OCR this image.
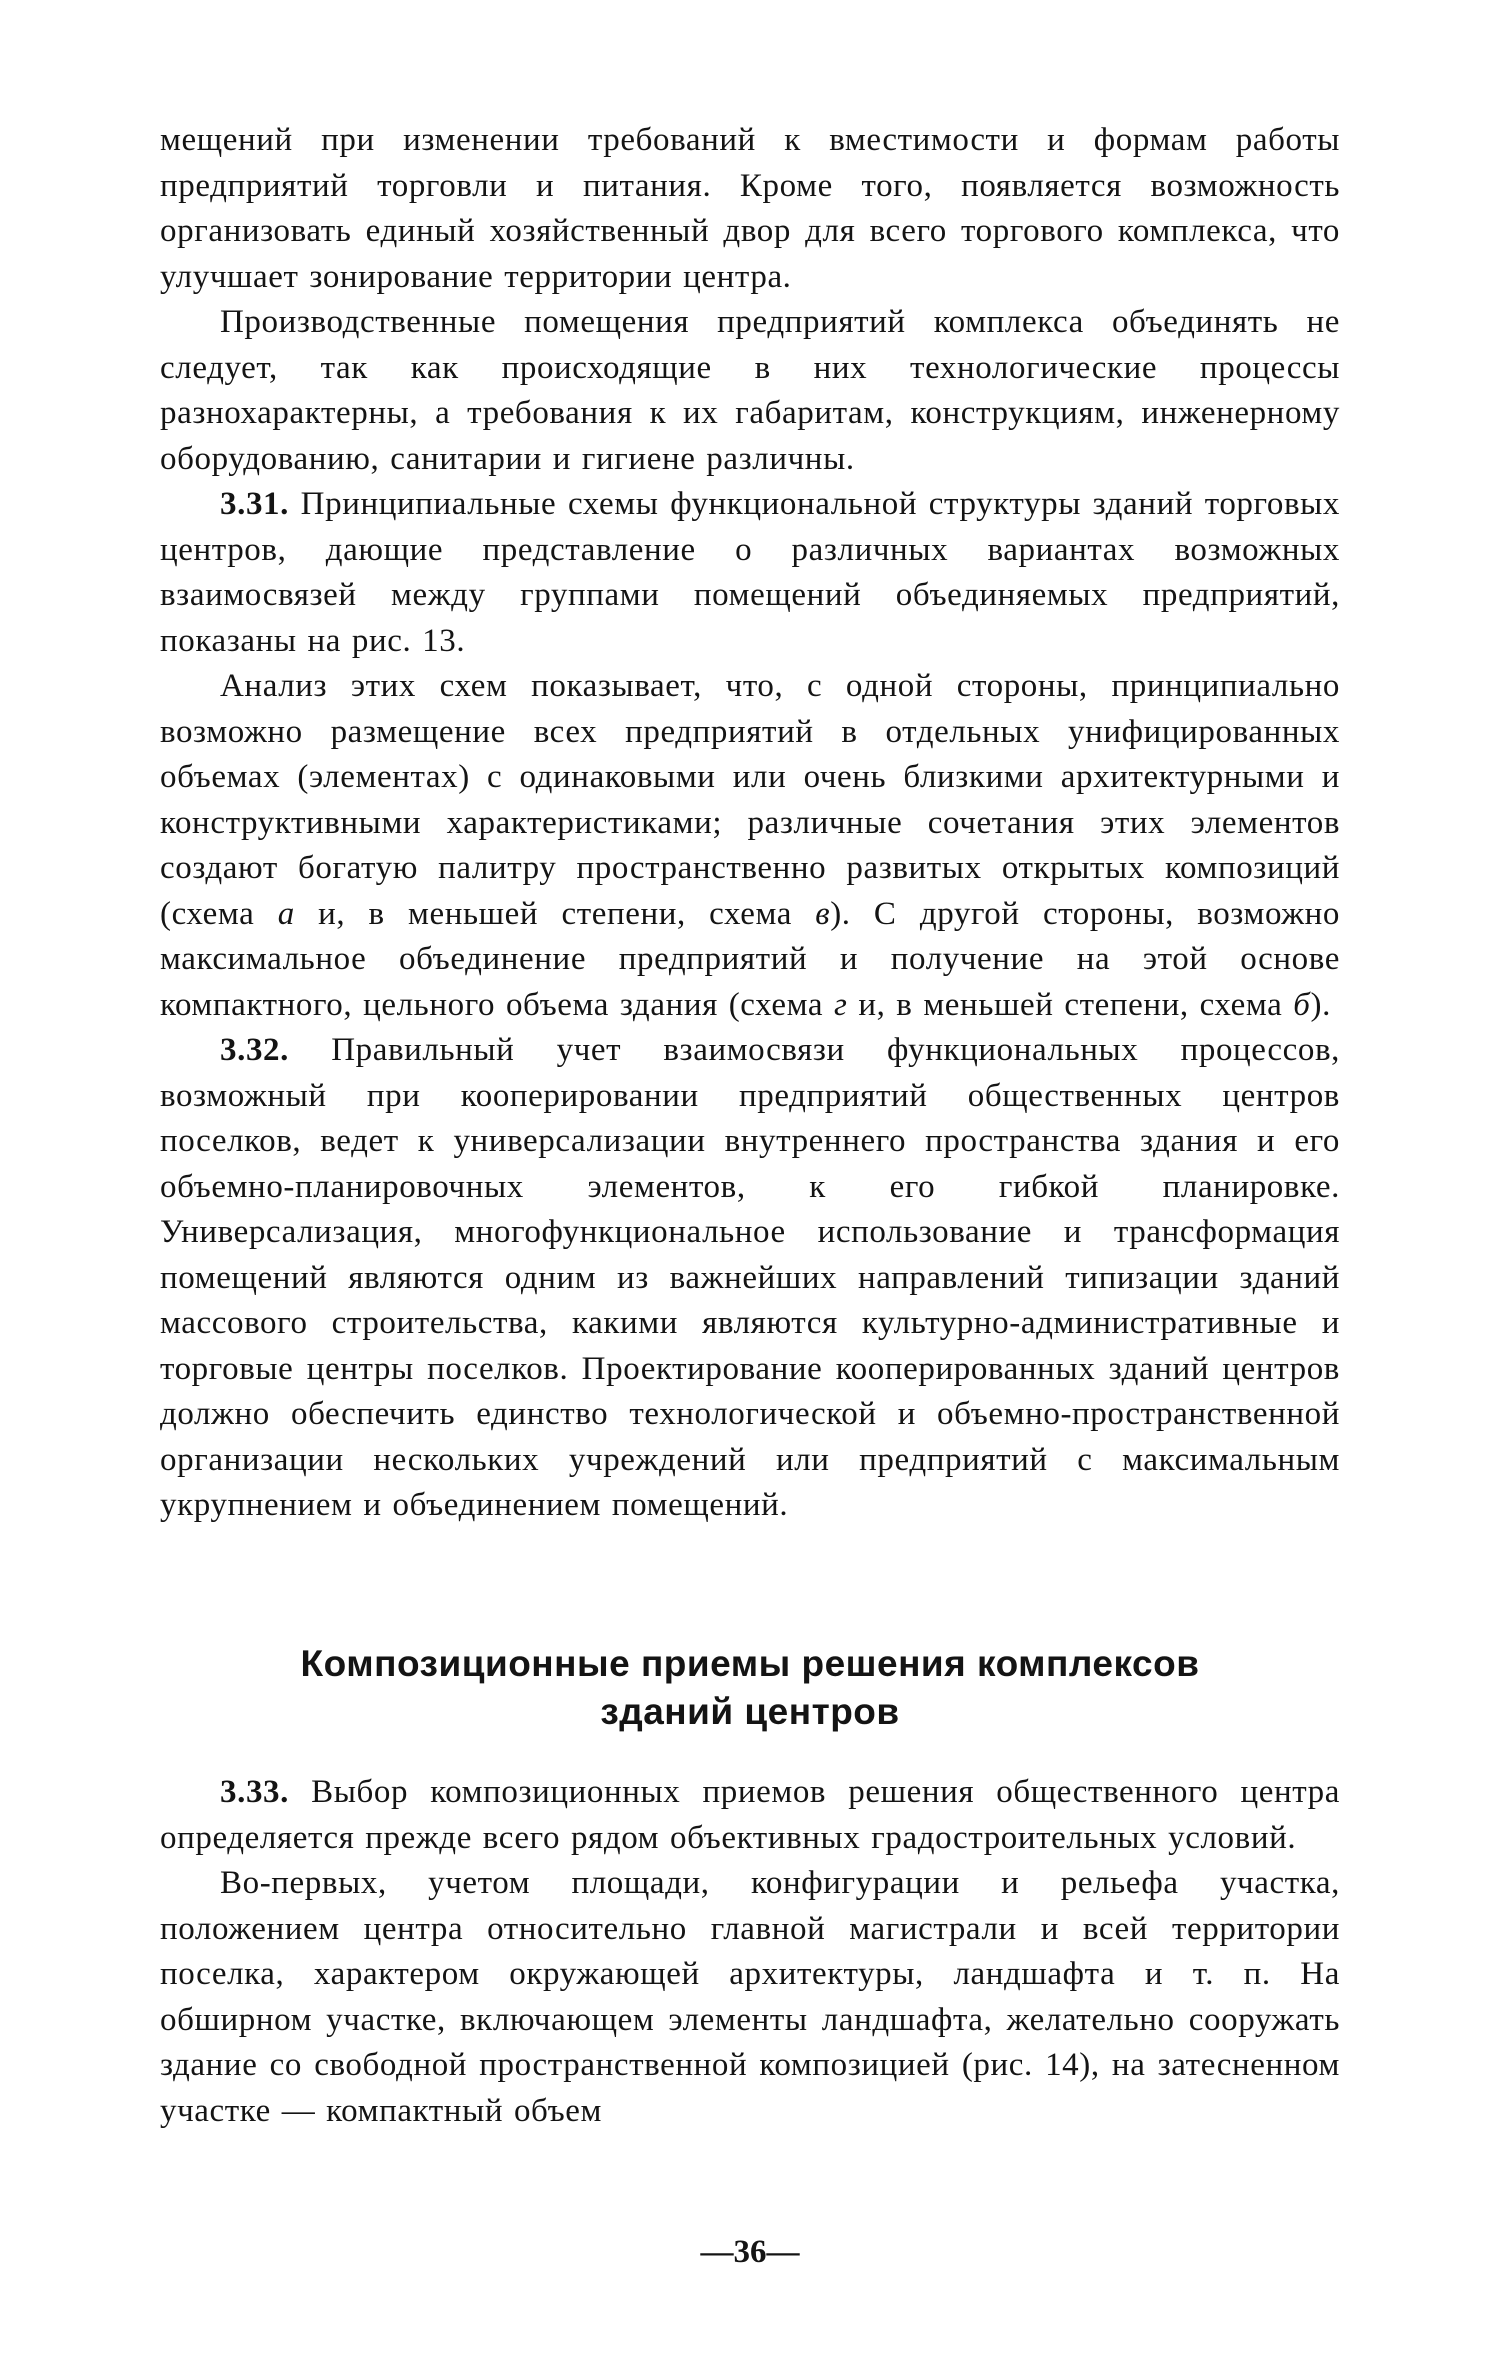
мещений при изменении требований к вместимости и формам работы предприятий торговли и питания. Кроме того, появляется возможность организовать единый хозяйственный двор для всего торгового комплекса, что улучшает зонирование территории центра.

Производственные помещения предприятий комплекса объединять не следует, так как происходящие в них технологические процессы разнохарактерны, а требования к их габаритам, конструкциям, инженерному оборудованию, санитарии и гигиене различны.

3.31. Принципиальные схемы функциональной структуры зданий торговых центров, дающие представление о различных вариантах возможных взаимосвязей между группами помещений объединяемых предприятий, показаны на рис. 13.

Анализ этих схем показывает, что, с одной стороны, принципиально возможно размещение всех предприятий в отдельных унифицированных объемах (элементах) с одинаковыми или очень близкими архитектурными и конструктивными характеристиками; различные сочетания этих элементов создают богатую палитру пространственно развитых открытых композиций (схема а и, в меньшей степени, схема в). С другой стороны, возможно максимальное объединение предприятий и получение на этой основе компактного, цельного объема здания (схема г и, в меньшей степени, схема б).

3.32. Правильный учет взаимосвязи функциональных процессов, возможный при кооперировании предприятий общественных центров поселков, ведет к универсализации внутреннего пространства здания и его объемно-планировочных элементов, к его гибкой планировке. Универсализация, многофункциональное использование и трансформация помещений являются одним из важнейших направлений типизации зданий массового строительства, какими являются культурно-административные и торговые центры поселков. Проектирование кооперированных зданий центров должно обеспечить единство технологической и объемно-пространственной организации нескольких учреждений или предприятий с максимальным укрупнением и объединением помещений.

Композиционные приемы решения комплексов
зданий центров

3.33. Выбор композиционных приемов решения общественного центра определяется прежде всего рядом объективных градостроительных условий.

Во-первых, учетом площади, конфигурации и рельефа участка, положением центра относительно главной магистрали и всей территории поселка, характером окружающей архитектуры, ландшафта и т. п. На обширном участке, включающем элементы ландшафта, желательно сооружать здание со свободной пространственной композицией (рис. 14), на затесненном участке — компактный объем

—36—
